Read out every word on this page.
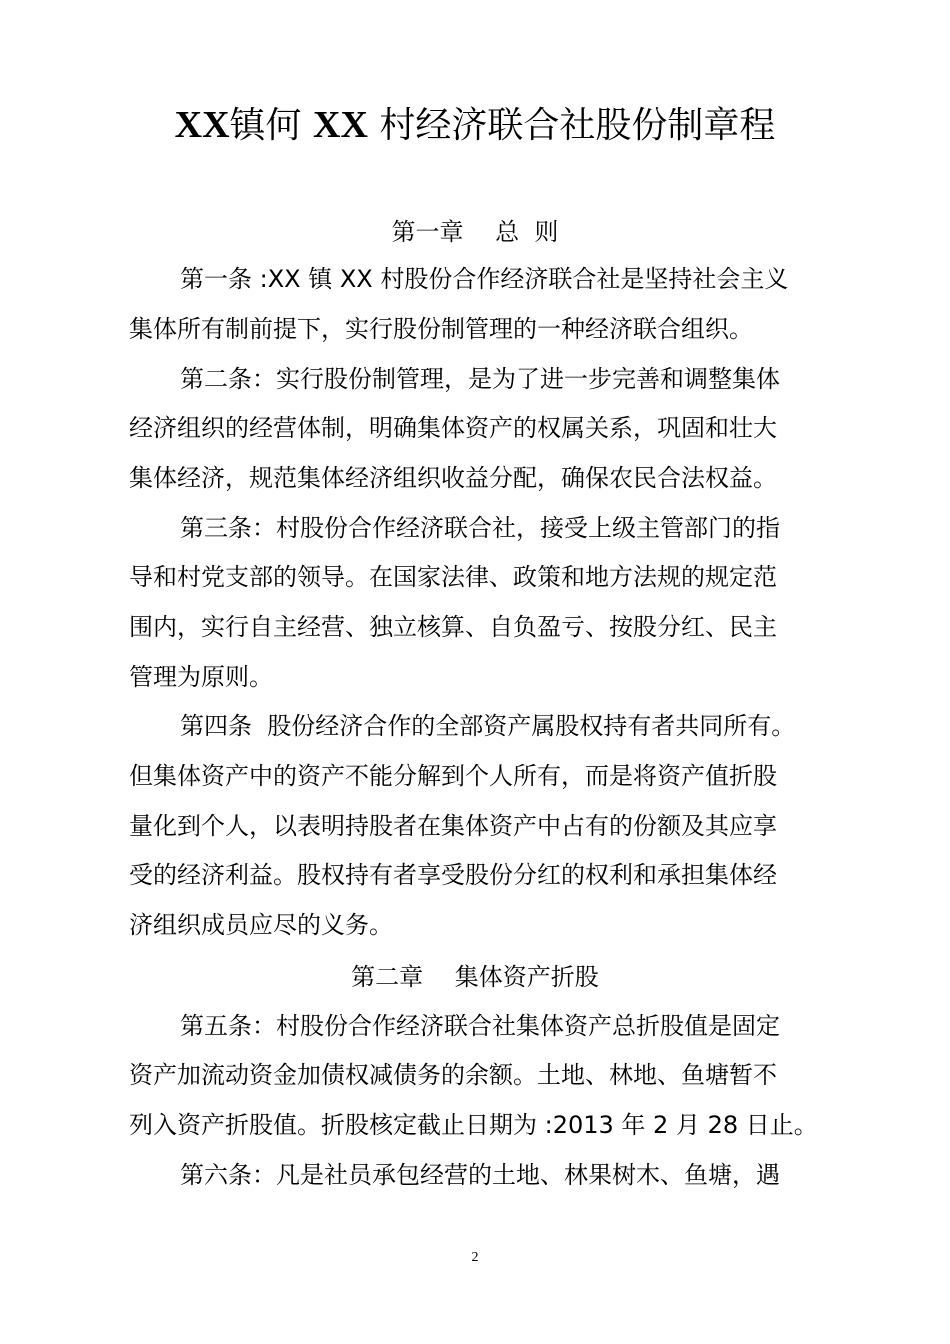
XX镇何 XX 村经济联合社股份制章程
第一章　 总  则
第一条 :XX 镇 XX 村股份合作经济联合社是坚持社会主义
集体所有制前提下，实行股份制管理的一种经济联合组织。
第二条：实行股份制管理，是为了进一步完善和调整集体
经济组织的经营体制，明确集体资产的权属关系，巩固和壮大
集体经济，规范集体经济组织收益分配，确保农民合法权益。
第三条：村股份合作经济联合社，接受上级主管部门的指
导和村党支部的领导。在国家法律、政策和地方法规的规定范
围内，实行自主经营、独立核算、自负盈亏、按股分红、民主
管理为原则。
第四条  股份经济合作的全部资产属股权持有者共同所有。
但集体资产中的资产不能分解到个人所有，而是将资产值折股
量化到个人，以表明持股者在集体资产中占有的份额及其应享
受的经济利益。股权持有者享受股份分红的权利和承担集体经
济组织成员应尽的义务。
第二章　 集体资产折股
第五条：村股份合作经济联合社集体资产总折股值是固定
资产加流动资金加债权减债务的余额。土地、林地、鱼塘暂不
列入资产折股值。折股核定截止日期为 :2013 年 2 月 28 日止。
第六条：凡是社员承包经营的土地、林果树木、鱼塘，遇
2
